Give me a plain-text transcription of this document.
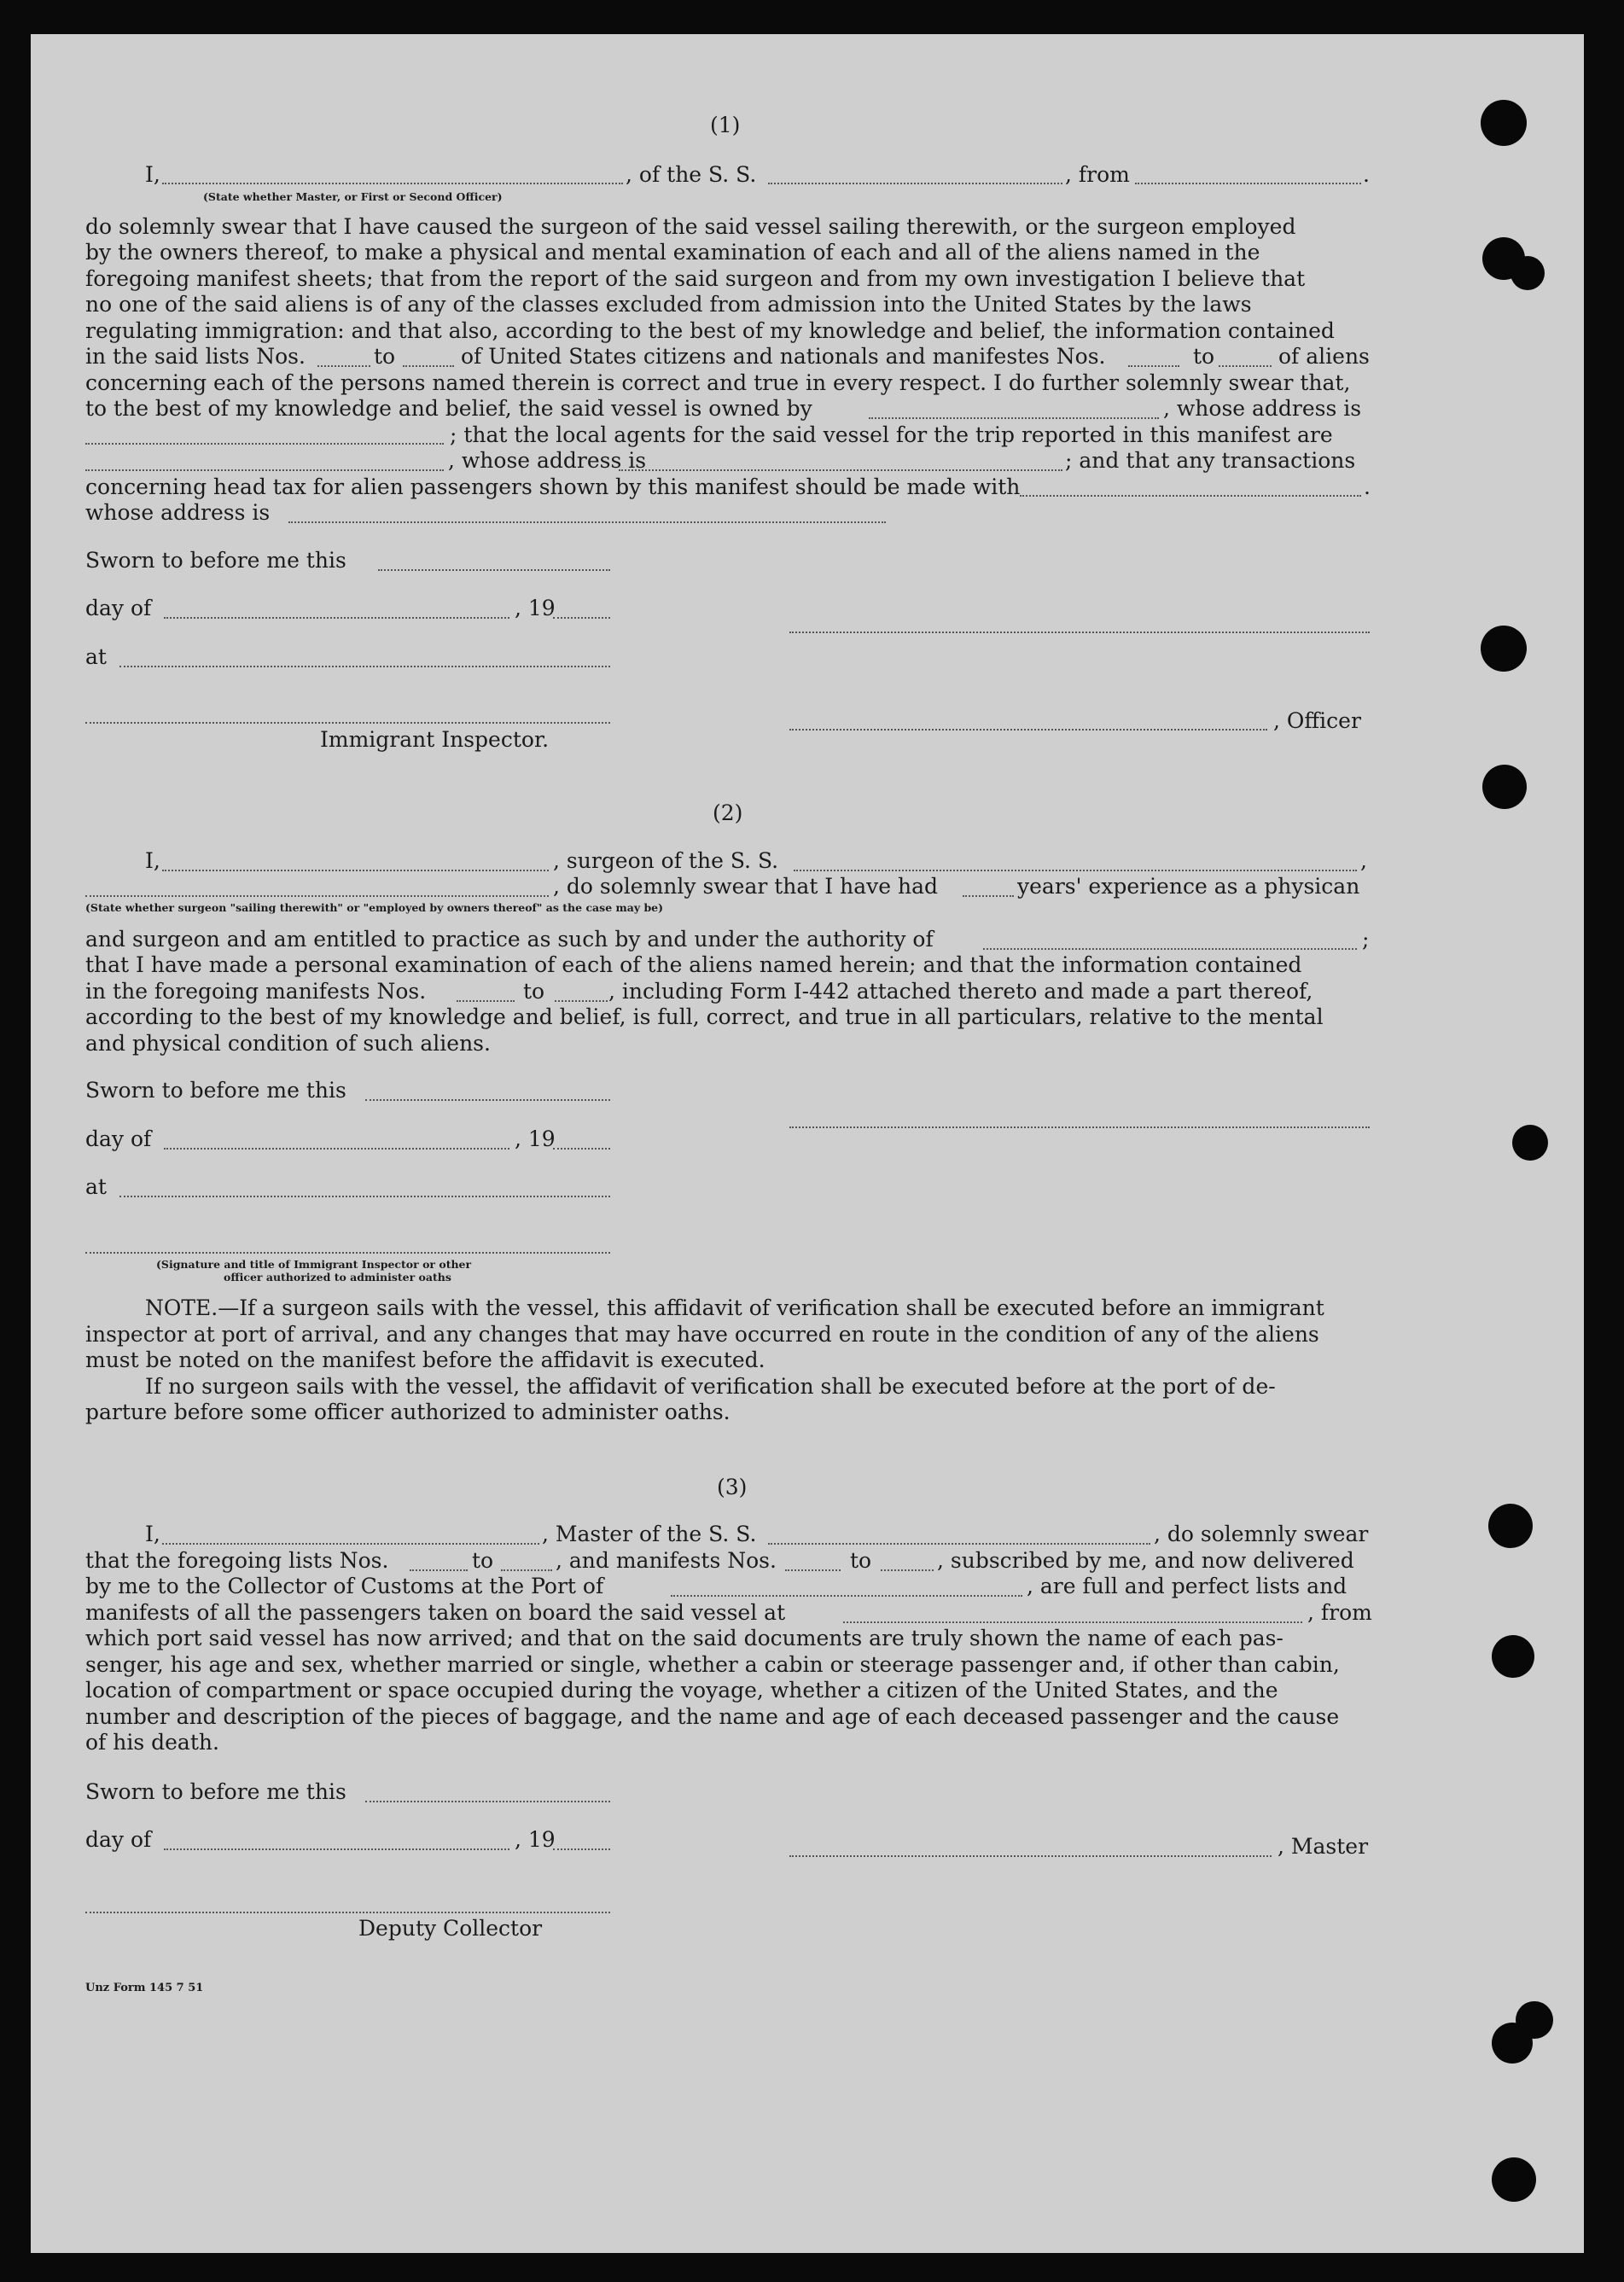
(1)
I,	, of the S. S.	, from	.
(State whether Master, or First or Second Officer)
do solemnly swear that I have caused the surgeon of the said vessel sailing therewith, or the surgeon employed
by the owners thereof, to make a physical and mental examination of each and all of the aliens named in the
foregoing manifest sheets; that from the report of the said surgeon and from my own investigation I believe that
no one of the said aliens is of any of the classes excluded from admission into the United States by the laws
regulating immigration: and that also, according to the best of my knowledge and belief, the information contained
in the said lists Nos.	to	of United States citizens and nationals and manifestes Nos.	to	of aliens
concerning each of the persons named therein is correct and true in every respect. I do further solemnly swear that,
to the best of my knowledge and belief, the said vessel is owned by	, whose address is
; that the local agents for the said vessel for the trip reported in this manifest are
, whose address is	; and that any transactions
concerning head tax for alien passengers shown by this manifest should be made with	.
whose address is
Sworn to before me this
day of	, 19
at
, Officer
Immigrant Inspector.
(2)
I,	, surgeon of the S. S.	,
, do solemnly swear that I have had	years' experience as a physican
(State whether surgeon "sailing therewith" or "employed by owners thereof" as the case may be)
and surgeon and am entitled to practice as such by and under the authority of	;
that I have made a personal examination of each of the aliens named herein; and that the information contained
in the foregoing manifests Nos.	to	, including Form I-442 attached thereto and made a part thereof,
according to the best of my knowledge and belief, is full, correct, and true in all particulars, relative to the mental
and physical condition of such aliens.
Sworn to before me this
day of	, 19
at
(Signature and title of Immigrant Inspector or other
officer authorized to administer oaths
NOTE.—If a surgeon sails with the vessel, this affidavit of verification shall be executed before an immigrant
inspector at port of arrival, and any changes that may have occurred en route in the condition of any of the aliens
must be noted on the manifest before the affidavit is executed.
If no surgeon sails with the vessel, the affidavit of verification shall be executed before at the port of de-
parture before some officer authorized to administer oaths.
(3)
I,	, Master of the S. S.	, do solemnly swear
that the foregoing lists Nos.	to	, and manifests Nos.	to	, subscribed by me, and now delivered
by me to the Collector of Customs at the Port of	, are full and perfect lists and
manifests of all the passengers taken on board the said vessel at	, from
which port said vessel has now arrived; and that on the said documents are truly shown the name of each pas-
senger, his age and sex, whether married or single, whether a cabin or steerage passenger and, if other than cabin,
location of compartment or space occupied during the voyage, whether a citizen of the United States, and the
number and description of the pieces of baggage, and the name and age of each deceased passenger and the cause
of his death.
Sworn to before me this
day of	, 19	, Master
Deputy Collector
Unz Form 145 7 51
